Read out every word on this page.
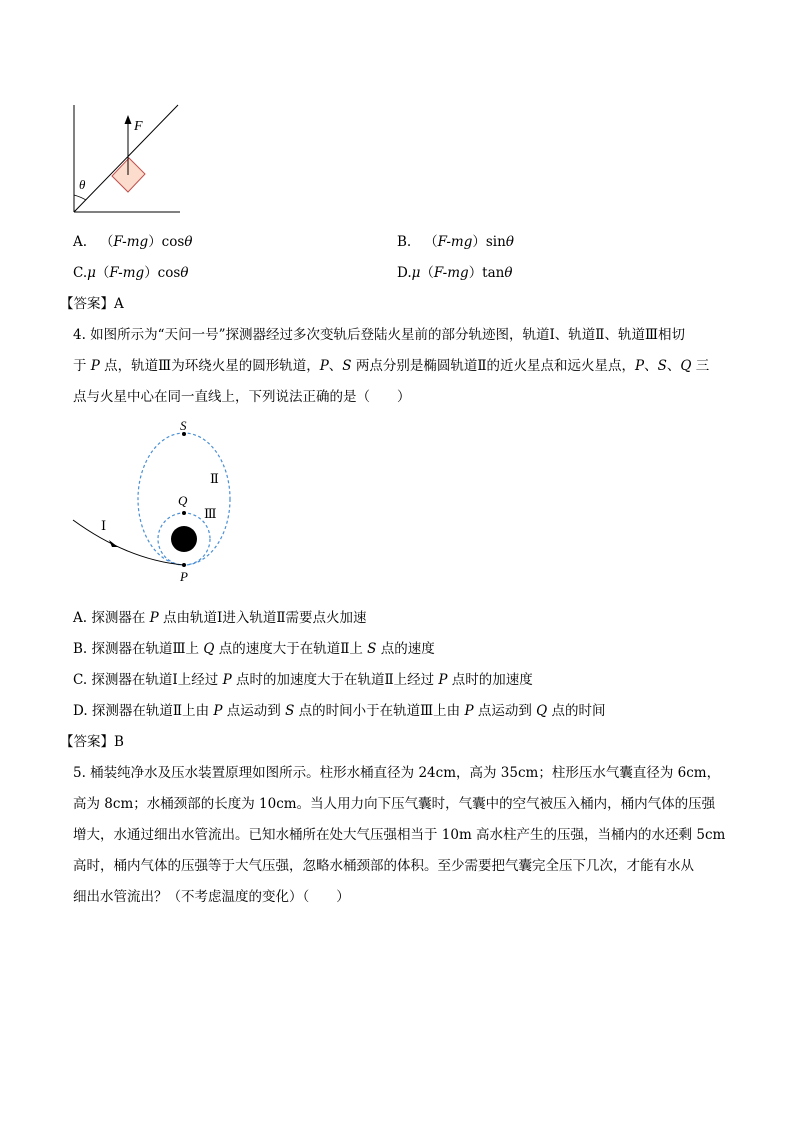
θ
F
A. （F-mg）cosθ	B. （F-mg）sinθ
C.μ（F-mg）cosθ	D.μ（F-mg）tanθ
【答案】A
4. 如图所示为“天问一号”探测器经过多次变轨后登陆火星前的部分轨迹图，轨道Ⅰ、轨道Ⅱ、轨道Ⅲ相切
于 P 点，轨道Ⅲ为环绕火星的圆形轨道，P、S 两点分别是椭圆轨道Ⅱ的近火星点和远火星点，P、S、Q 三
点与火星中心在同一直线上，下列说法正确的是（　　）
S
Q
P
Ⅰ
Ⅱ
Ⅲ
A. 探测器在 P 点由轨道Ⅰ进入轨道Ⅱ需要点火加速
B. 探测器在轨道Ⅲ上 Q 点的速度大于在轨道Ⅱ上 S 点的速度
C. 探测器在轨道Ⅰ上经过 P 点时的加速度大于在轨道Ⅱ上经过 P 点时的加速度
D. 探测器在轨道Ⅱ上由 P 点运动到 S 点的时间小于在轨道Ⅲ上由 P 点运动到 Q 点的时间
【答案】B
5. 桶装纯净水及压水装置原理如图所示。柱形水桶直径为 24cm，高为 35cm；柱形压水气囊直径为 6cm，
高为 8cm；水桶颈部的长度为 10cm。当人用力向下压气囊时，气囊中的空气被压入桶内，桶内气体的压强
增大，水通过细出水管流出。已知水桶所在处大气压强相当于 10m 高水柱产生的压强，当桶内的水还剩 5cm
高时，桶内气体的压强等于大气压强，忽略水桶颈部的体积。至少需要把气囊完全压下几次，才能有水从
细出水管流出？（不考虑温度的变化）（　　）
